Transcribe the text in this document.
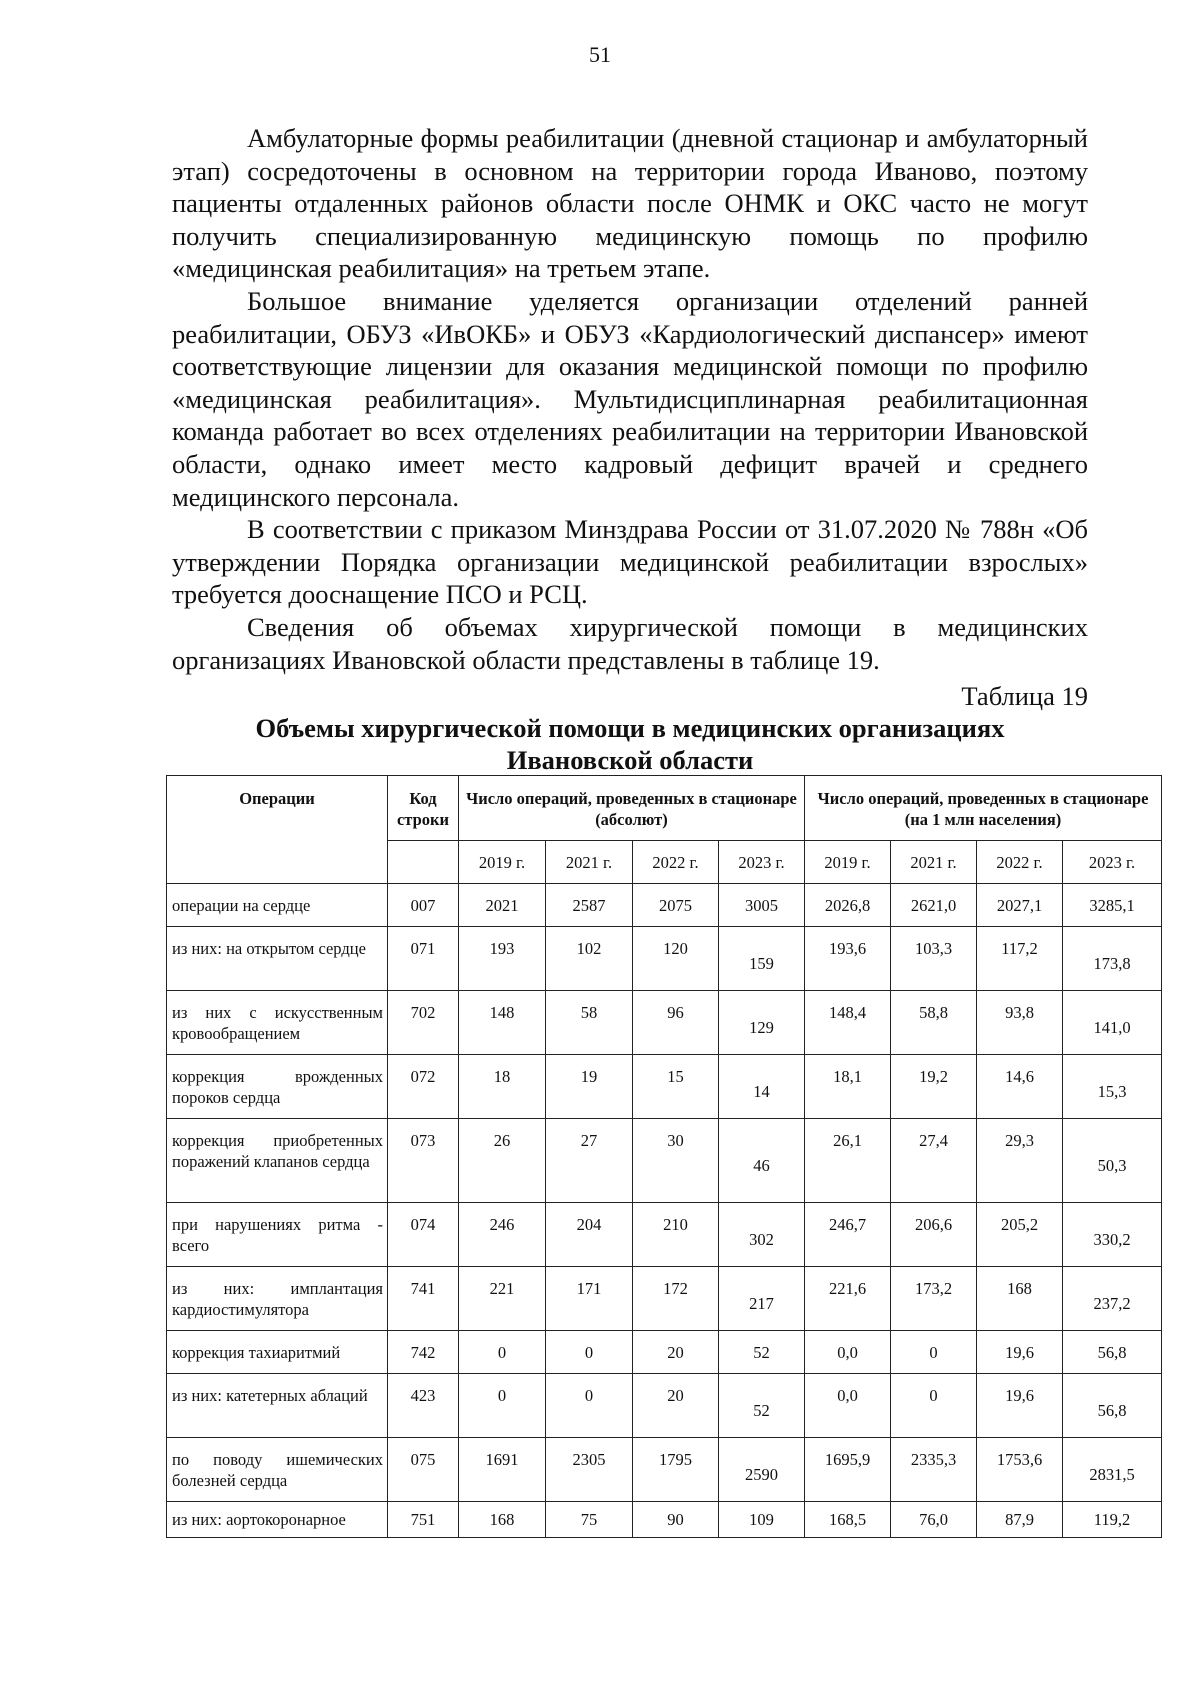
51

Амбулаторные формы реабилитации (дневной стационар и амбулаторный этап) сосредоточены в основном на территории города Иваново, поэтому пациенты отдаленных районов области после ОНМК и ОКС часто не могут получить специализированную медицинскую помощь по профилю «медицинская реабилитация» на третьем этапе.

Большое внимание уделяется организации отделений ранней реабилитации, ОБУЗ «ИвОКБ» и ОБУЗ «Кардиологический диспансер» имеют соответствующие лицензии для оказания медицинской помощи по профилю «медицинская реабилитация». Мультидисциплинарная реабилитационная команда работает во всех отделениях реабилитации на территории Ивановской области, однако имеет место кадровый дефицит врачей и среднего медицинского персонала.

В соответствии с приказом Минздрава России от 31.07.2020 № 788н «Об утверждении Порядка организации медицинской реабилитации взрослых» требуется дооснащение ПСО и РСЦ.

Сведения об объемах хирургической помощи в медицинских организациях Ивановской области представлены в таблице 19.

Таблица 19
Объемы хирургической помощи в медицинских организациях
Ивановской области
Операции	Код строки	Число операций, проведенных в стационаре (абсолют)				Число операций, проведенных в стационаре (на 1 млн населения)			
		2019 г.	2021 г.	2022 г.	2023 г.	2019 г.	2021 г.	2022 г.	2023 г.
операции на сердце	007	2021	2587	2075	3005	2026,8	2621,0	2027,1	3285,1
из них: на открытом сердце	071	193	102	120	159	193,6	103,3	117,2	173,8
из них с искусственным кровообращением	702	148	58	96	129	148,4	58,8	93,8	141,0
коррекция врожденных пороков сердца	072	18	19	15	14	18,1	19,2	14,6	15,3
коррекция приобретенных поражений клапанов сердца	073	26	27	30	46	26,1	27,4	29,3	50,3
при нарушениях ритма - всего	074	246	204	210	302	246,7	206,6	205,2	330,2
из них: имплантация кардиостимулятора	741	221	171	172	217	221,6	173,2	168	237,2
коррекция тахиаритмий	742	0	0	20	52	0,0	0	19,6	56,8
из них: катетерных аблаций	423	0	0	20	52	0,0	0	19,6	56,8
по поводу ишемических болезней сердца	075	1691	2305	1795	2590	1695,9	2335,3	1753,6	2831,5
из них: аортокоронарное	751	168	75	90	109	168,5	76,0	87,9	119,2
